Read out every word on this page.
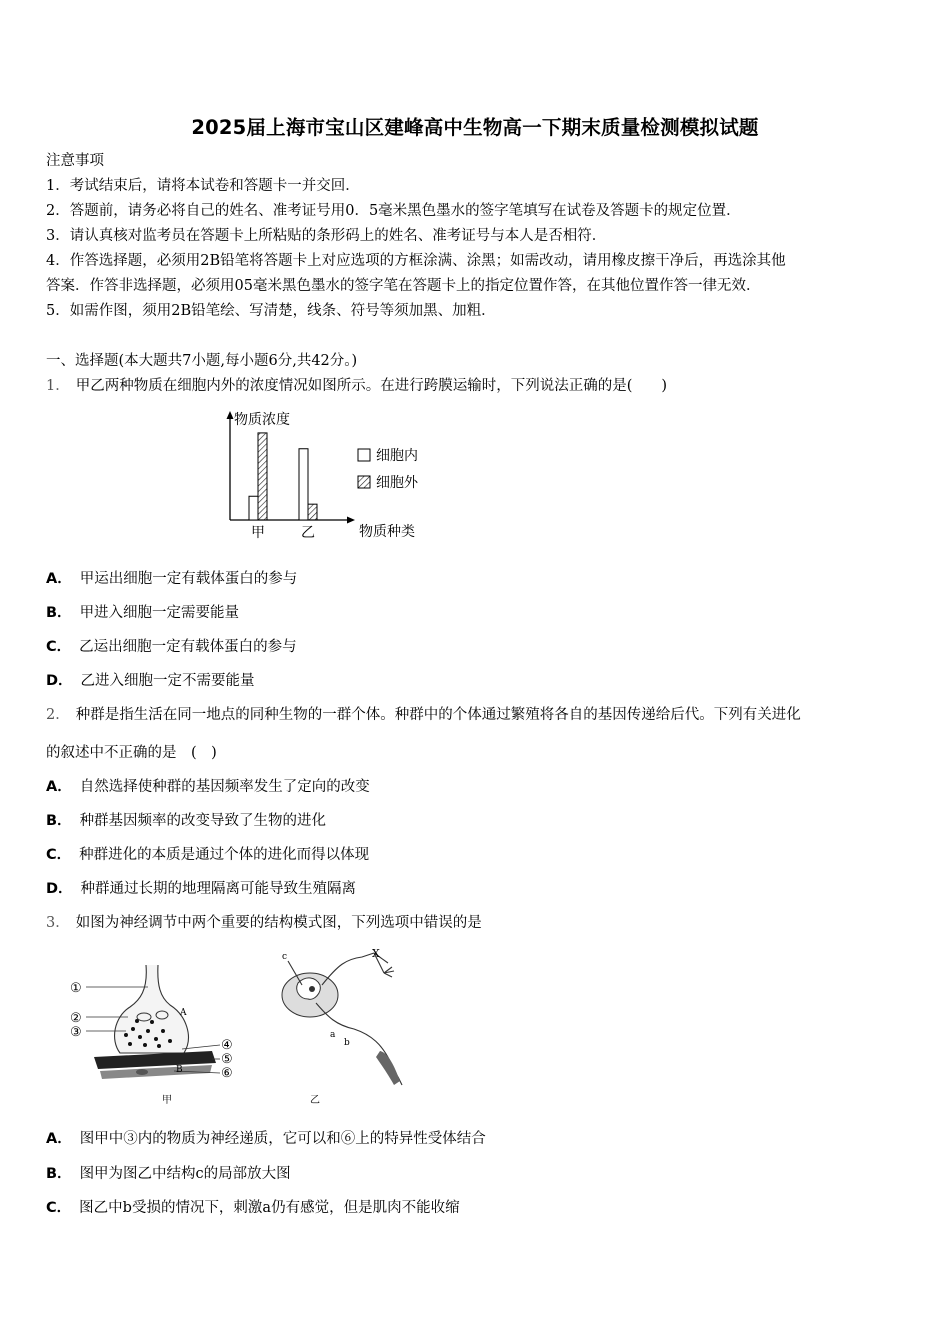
2025届上海市宝山区建峰高中生物高一下期末质量检测模拟试题
注意事项
1．考试结束后，请将本试卷和答题卡一并交回．
2．答题前，请务必将自己的姓名、准考证号用0．5毫米黑色墨水的签字笔填写在试卷及答题卡的规定位置．
3．请认真核对监考员在答题卡上所粘贴的条形码上的姓名、准考证号与本人是否相符．
4．作答选择题，必须用2B铅笔将答题卡上对应选项的方框涂满、涂黑；如需改动，请用橡皮擦干净后，再选涂其他
答案．作答非选择题，必须用05毫米黑色墨水的签字笔在答题卡上的指定位置作答，在其他位置作答一律无效．
5．如需作图，须用2B铅笔绘、写清楚，线条、符号等须加黑、加粗．
一、选择题(本大题共7小题,每小题6分,共42分。)
1． 甲乙两种物质在细胞内外的浓度情况如图所示。在进行跨膜运输时，下列说法正确的是(　　)
物质浓度
物质种类
甲	乙
细胞内
细胞外
A． 甲运出细胞一定有载体蛋白的参与
B． 甲进入细胞一定需要能量
C． 乙运出细胞一定有载体蛋白的参与
D． 乙进入细胞一定不需要能量
2． 种群是指生活在同一地点的同种生物的一群个体。种群中的个体通过繁殖将各自的基因传递给后代。下列有关进化
的叙述中不正确的是　(　)
A． 自然选择使种群的基因频率发生了定向的改变
B． 种群基因频率的改变导致了生物的进化
C． 种群进化的本质是通过个体的进化而得以体现
D． 种群通过长期的地理隔离可能导致生殖隔离
3． 如图为神经调节中两个重要的结构模式图，下列选项中错误的是
①
②
③
④
⑤
⑥
A
B
甲
c	X
a
b
乙
A． 图甲中③内的物质为神经递质，它可以和⑥上的特异性受体结合
B． 图甲为图乙中结构c的局部放大图
C． 图乙中b受损的情况下，刺激a仍有感觉，但是肌肉不能收缩
